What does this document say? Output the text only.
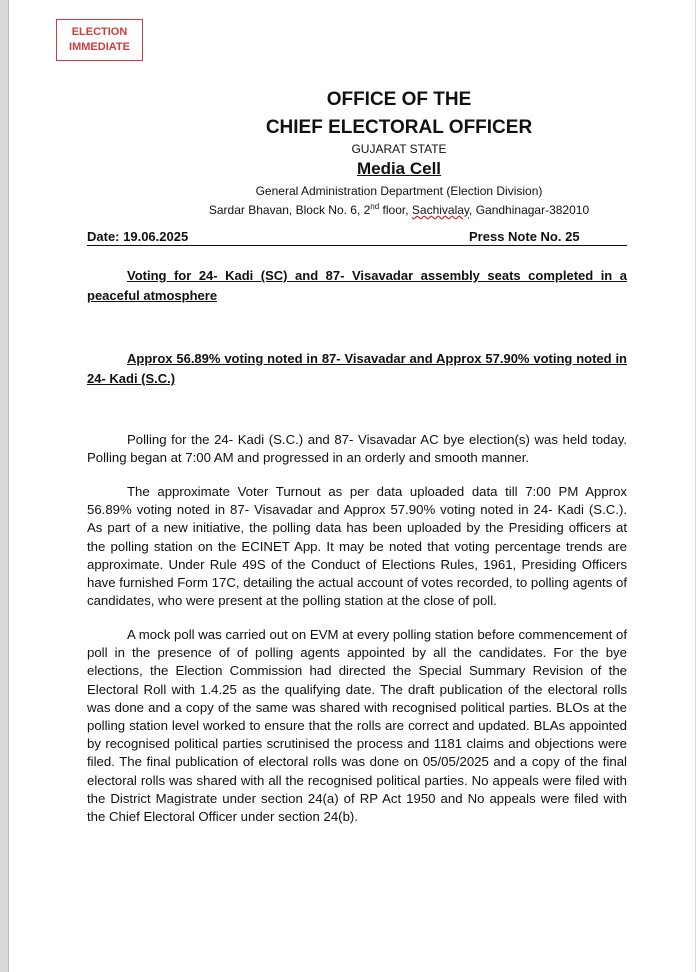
ELECTION
IMMEDIATE
OFFICE OF THE
CHIEF ELECTORAL OFFICER
GUJARAT STATE
Media Cell
General Administration Department (Election Division)
Sardar Bhavan, Block No. 6, 2nd floor, Sachivalay, Gandhinagar-382010
Date: 19.06.2025	Press Note No. 25
Voting for 24- Kadi (SC) and 87- Visavadar assembly seats completed in a peaceful atmosphere
Approx 56.89% voting noted in 87- Visavadar and Approx 57.90% voting noted in 24- Kadi (S.C.)

Polling for the 24- Kadi (S.C.) and 87- Visavadar AC bye election(s) was held today. Polling began at 7:00 AM and progressed in an orderly and smooth manner.

The approximate Voter Turnout as per data uploaded data till 7:00 PM Approx 56.89% voting noted in 87- Visavadar and Approx 57.90% voting noted in 24- Kadi (S.C.). As part of a new initiative, the polling data has been uploaded by the Presiding officers at the polling station on the ECINET App. It may be noted that voting percentage trends are approximate. Under Rule 49S of the Conduct of Elections Rules, 1961, Presiding Officers have furnished Form 17C, detailing the actual account of votes recorded, to polling agents of candidates, who were present at the polling station at the close of poll.

A mock poll was carried out on EVM at every polling station before commencement of poll in the presence of of polling agents appointed by all the candidates. For the bye elections, the Election Commission had directed the Special Summary Revision of the Electoral Roll with 1.4.25 as the qualifying date. The draft publication of the electoral rolls was done and a copy of the same was shared with recognised political parties. BLOs at the polling station level worked to ensure that the rolls are correct and updated. BLAs appointed by recognised political parties scrutinised the process and 1181 claims and objections were filed. The final publication of electoral rolls was done on 05/05/2025 and a copy of the final electoral rolls was shared with all the recognised political parties. No appeals were filed with the District Magistrate under section 24(a) of RP Act 1950 and No appeals were filed with the Chief Electoral Officer under section 24(b).
